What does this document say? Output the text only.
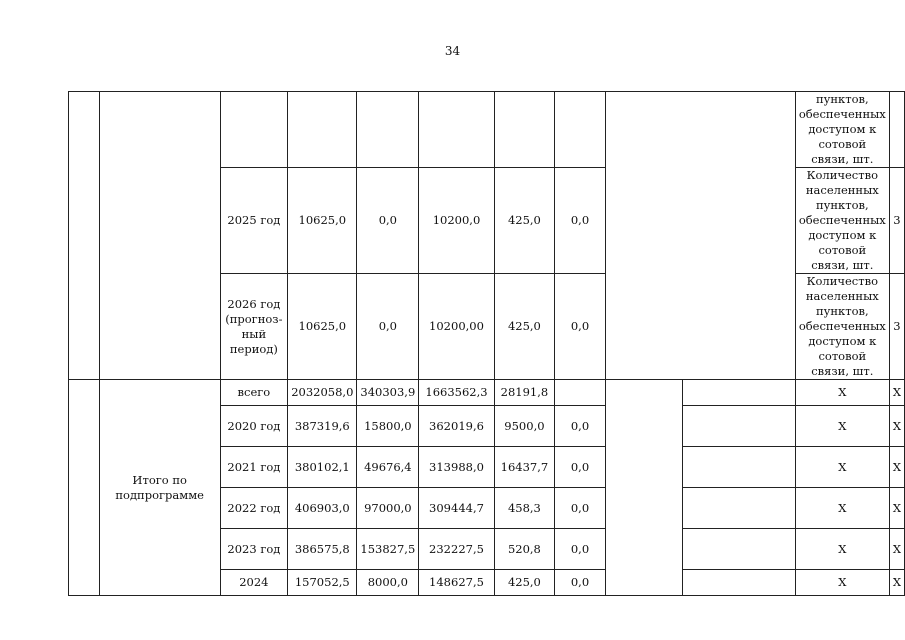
34
										пунктов, обеспеченных доступом к сотовой связи, шт.	
		2025 год	10625,0	0,0	10200,0	425,0	0,0			Количество населенных пунктов, обеспеченных доступом к сотовой связи, шт.	3
		2026 год (прогноз-ный период)	10625,0	0,0	10200,00	425,0	0,0			Количество населенных пунктов, обеспеченных доступом к сотовой связи, шт.	3
	Итого по подпрограмме	всего	2032058,0	340303,9	1663562,3	28191,8				X	X
		2020 год	387319,6	15800,0	362019,6	9500,0	0,0			X	X
		2021 год	380102,1	49676,4	313988,0	16437,7	0,0			X	X
		2022 год	406903,0	97000,0	309444,7	458,3	0,0			X	X
		2023 год	386575,8	153827,5	232227,5	520,8	0,0			X	X
		2024	157052,5	8000,0	148627,5	425,0	0,0			X	X
